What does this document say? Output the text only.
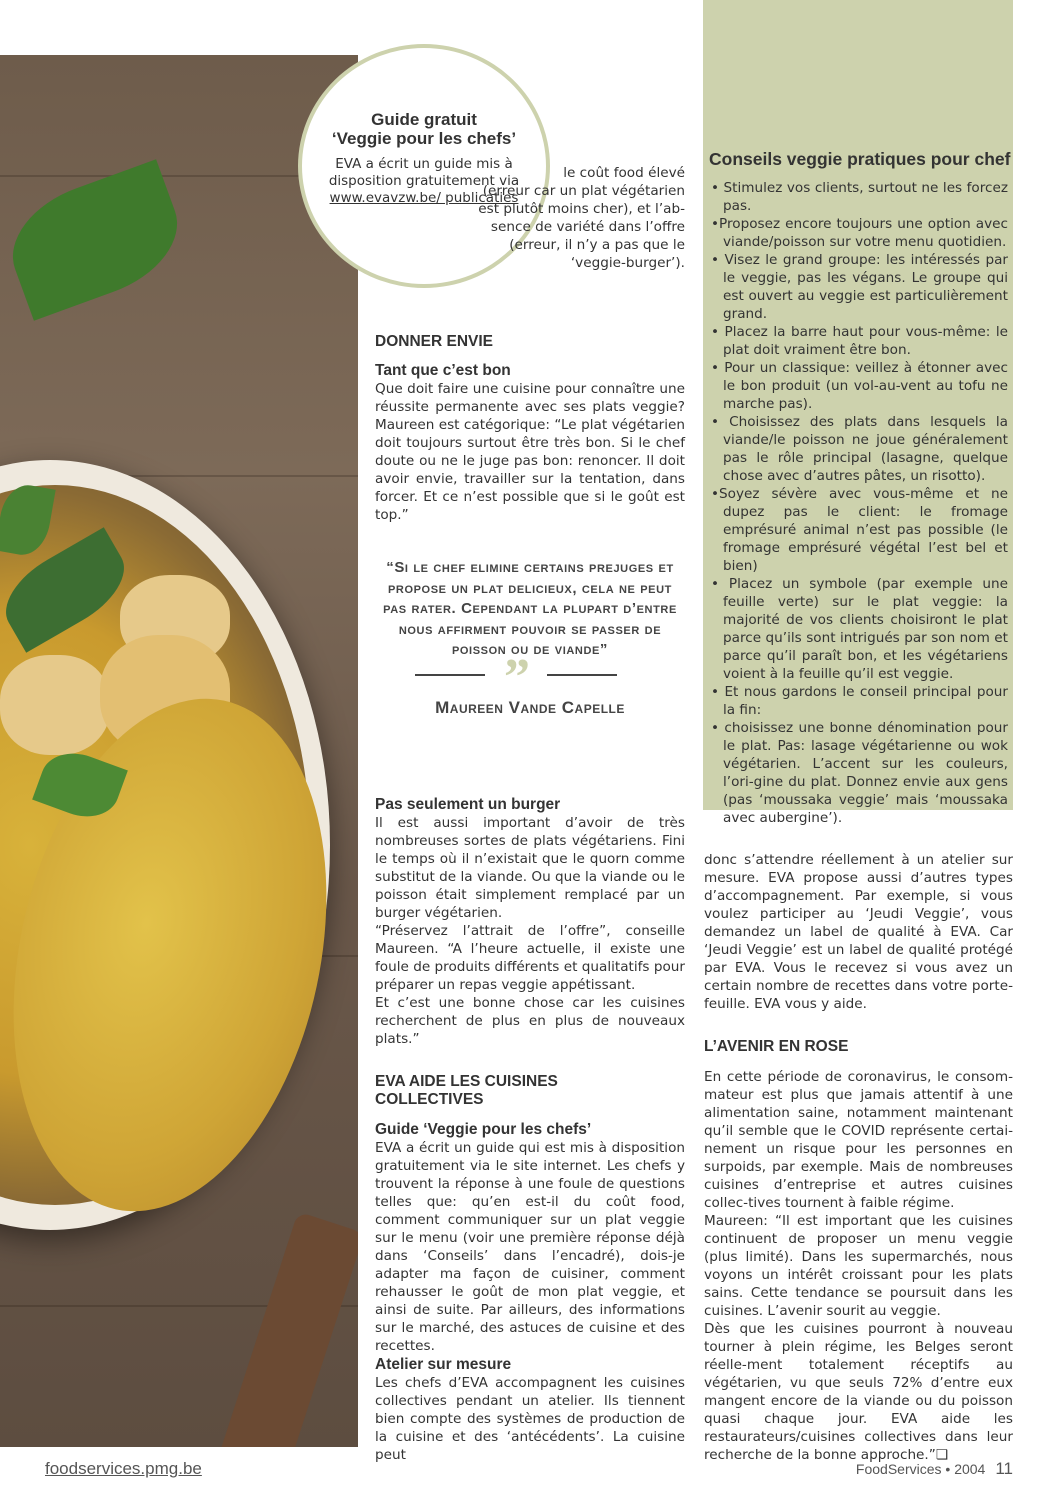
Guide gratuit
‘Veggie pour les chefs’
EVA a écrit un guide mis à disposition gratuitement via www.evavzw.be/ publicaties
le coût food élevé (erreur car un plat végétarien est plutôt moins cher), et l’ab-sence de variété dans l’offre (erreur, il n’y a pas que le ‘veggie-burger’).
DONNER ENVIE
Tant que c’est bon

Que doit faire une cuisine pour connaître une réussite permanente avec ses plats veggie? Maureen est catégorique: “Le plat végétarien doit toujours surtout être très bon. Si le chef doute ou ne le juge pas bon: renoncer. Il doit avoir envie, travailler sur la tentation, dans forcer. Et ce n’est possible que si le goût est top.”

“Si le chef elimine certains prejuges et propose un plat delicieux, cela ne peut pas rater. Cependant la plupart d’entre nous affirment pouvoir se passer de poisson ou de viande”
”
Maureen Vande Capelle
Pas seulement un burger

Il est aussi important d’avoir de très nombreuses sortes de plats végétariens. Fini le temps où il n’existait que le quorn comme substitut de la viande. Ou que la viande ou le poisson était simplement remplacé par un burger végétarien.

“Préservez l’attrait de l’offre”, conseille Maureen. “A l’heure actuelle, il existe une foule de produits différents et qualitatifs pour préparer un repas veggie appétissant.

Et c’est une bonne chose car les cuisines recherchent de plus en plus de nouveaux plats.”

EVA AIDE LES CUISINES
COLLECTIVES
Guide ‘Veggie pour les chefs’

EVA a écrit un guide qui est mis à disposition gratuitement via le site internet. Les chefs y trouvent la réponse à une foule de questions telles que: qu’en est-il du coût food, comment communiquer sur un plat veggie sur le menu (voir une première réponse déjà dans ‘Conseils’ dans l’encadré), dois-je adapter ma façon de cuisiner, comment rehausser le goût de mon plat veggie, et ainsi de suite. Par ailleurs, des informations sur le marché, des astuces de cuisine et des recettes.

Atelier sur mesure

Les chefs d’EVA accompagnent les cuisines collectives pendant un atelier. Ils tiennent bien compte des systèmes de production de la cuisine et des ‘antécédents’. La cuisine peut

Conseils veggie pratiques pour chef
• Stimulez vos clients, surtout ne les forcez pas.
•Proposez encore toujours une option avec viande/poisson sur votre menu quotidien.
• Visez le grand groupe: les intéressés par le veggie, pas les végans. Le groupe qui est ouvert au veggie est particulièrement grand.
• Placez la barre haut pour vous-même: le plat doit vraiment être bon.
• Pour un classique: veillez à étonner avec le bon produit (un vol-au-vent au tofu ne marche pas).
• Choisissez des plats dans lesquels la viande/le poisson ne joue généralement pas le rôle principal (lasagne, quelque chose avec d’autres pâtes, un risotto).
•Soyez sévère avec vous-même et ne dupez pas le client: le fromage emprésuré animal n’est pas possible (le fromage emprésuré végétal l’est bel et bien)
• Placez un symbole (par exemple une feuille verte) sur le plat veggie: la majorité de vos clients choisiront le plat parce qu’ils sont intrigués par son nom et parce qu’il paraît bon, et les végétariens voient à la feuille qu’il est veggie.
• Et nous gardons le conseil principal pour la fin:
• choisissez une bonne dénomination pour le plat. Pas: lasage végétarienne ou wok végétarien. L’accent sur les couleurs, l’ori-gine du plat. Donnez envie aux gens (pas ‘moussaka veggie’ mais ‘moussaka avec aubergine’).

donc s’attendre réellement à un atelier sur mesure. EVA propose aussi d’autres types d’accompagnement. Par exemple, si vous voulez participer au ‘Jeudi Veggie’, vous demandez un label de qualité à EVA. Car ‘Jeudi Veggie’ est un label de qualité protégé par EVA. Vous le recevez si vous avez un certain nombre de recettes dans votre porte-feuille. EVA vous y aide.

L’AVENIR EN ROSE

En cette période de coronavirus, le consom-mateur est plus que jamais attentif à une alimentation saine, notamment maintenant qu’il semble que le COVID représente certai-nement un risque pour les personnes en surpoids, par exemple. Mais de nombreuses cuisines d’entreprise et autres cuisines collec-tives tournent à faible régime.

Maureen: “Il est important que les cuisines continuent de proposer un menu veggie (plus limité). Dans les supermarchés, nous voyons un intérêt croissant pour les plats sains. Cette tendance se poursuit dans les cuisines. L’avenir sourit au veggie.

Dès que les cuisines pourront à nouveau tourner à plein régime, les Belges seront réelle-ment totalement réceptifs au végétarien, vu que seuls 72% d’entre eux mangent encore de la viande ou du poisson quasi chaque jour. EVA aide les restaurateurs/cuisines collectives dans leur recherche de la bonne approche.”❏

foodservices.pmg.be	FoodServices • 2004 11
